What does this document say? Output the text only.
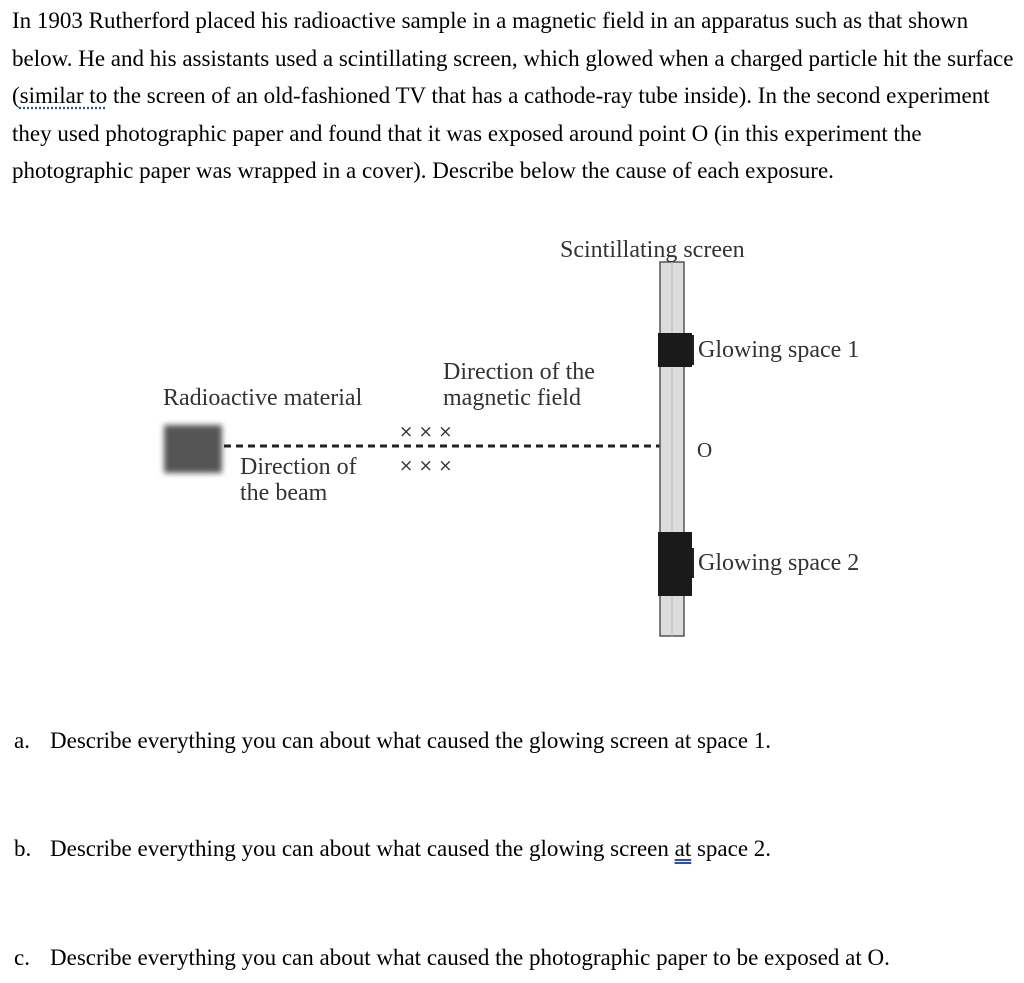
In 1903 Rutherford placed his radioactive sample in a magnetic field in an apparatus such as that shown below. He and his assistants used a scintillating screen, which glowed when a charged particle hit the surface (similar to the screen of an old-fashioned TV that has a cathode-ray tube inside). In the second experiment they used photographic paper and found that it was exposed around point O (in this experiment the photographic paper was wrapped in a cover). Describe below the cause of each exposure.

Scintillating screen
Radioactive material
Direction of the
magnetic field
× × ×
× × ×
Direction of
the beam
Glowing space 1
Glowing space 2
O
a. Describe everything you can about what caused the glowing screen at space 1.
b. Describe everything you can about what caused the glowing screen at space 2.
c. Describe everything you can about what caused the photographic paper to be exposed at O.
